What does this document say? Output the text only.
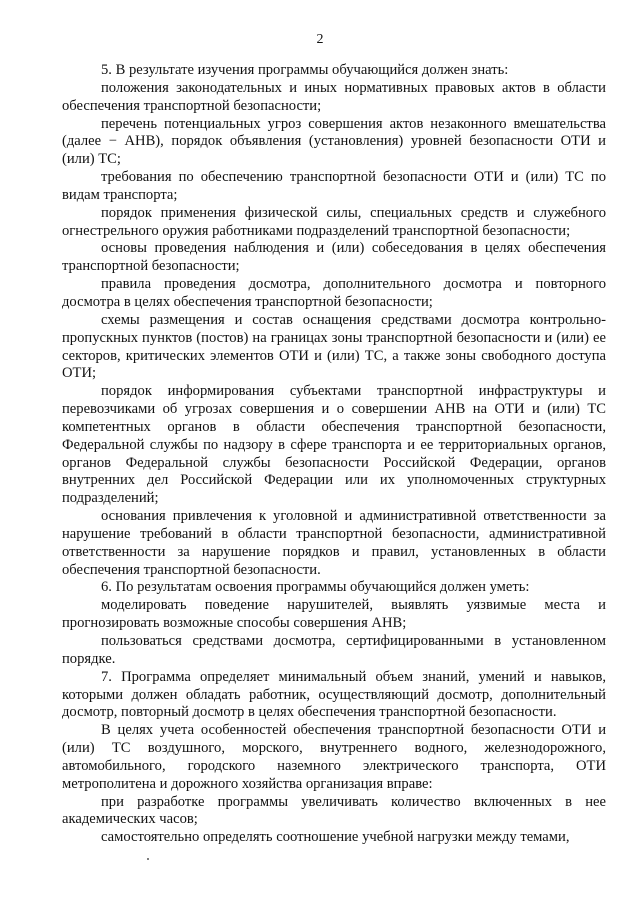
2

5. В результате изучения программы обучающийся должен знать:

положения законодательных и иных нормативных правовых актов в области обеспечения транспортной безопасности;

перечень потенциальных угроз совершения актов незаконного вмешательства (далее − АНВ), порядок объявления (установления) уровней безопасности ОТИ и (или) ТС;

требования по обеспечению транспортной безопасности ОТИ и (или) ТС по видам транспорта;

порядок применения физической силы, специальных средств и служебного огнестрельного оружия работниками подразделений транспортной безопасности;

основы проведения наблюдения и (или) собеседования в целях обеспечения транспортной безопасности;

правила проведения досмотра, дополнительного досмотра и повторного досмотра в целях обеспечения транспортной безопасности;

схемы размещения и состав оснащения средствами досмотра контрольно-пропускных пунктов (постов) на границах зоны транспортной безопасности и (или) ее секторов, критических элементов ОТИ и (или) ТС, а также зоны свободного доступа ОТИ;

порядок информирования субъектами транспортной инфраструктуры и перевозчиками об угрозах совершения и о совершении АНВ на ОТИ и (или) ТС компетентных органов в области обеспечения транспортной безопасности, Федеральной службы по надзору в сфере транспорта и ее территориальных органов, органов Федеральной службы безопасности Российской Федерации, органов внутренних дел Российской Федерации или их уполномоченных структурных подразделений;

основания привлечения к уголовной и административной ответственности за нарушение требований в области транспортной безопасности, административной ответственности за нарушение порядков и правил, установленных в области обеспечения транспортной безопасности.

6. По результатам освоения программы обучающийся должен уметь:

моделировать поведение нарушителей, выявлять уязвимые места и прогнозировать возможные способы совершения АНВ;

пользоваться средствами досмотра, сертифицированными в установленном порядке.

7. Программа определяет минимальный объем знаний, умений и навыков, которыми должен обладать работник, осуществляющий досмотр, дополнительный досмотр, повторный досмотр в целях обеспечения транспортной безопасности.

В целях учета особенностей обеспечения транспортной безопасности ОТИ и (или) ТС воздушного, морского, внутреннего водного, железнодорожного, автомобильного, городского наземного электрического транспорта, ОТИ метрополитена и дорожного хозяйства организация вправе:

при разработке программы увеличивать количество включенных в нее академических часов;

самостоятельно определять соотношение учебной нагрузки между темами,
